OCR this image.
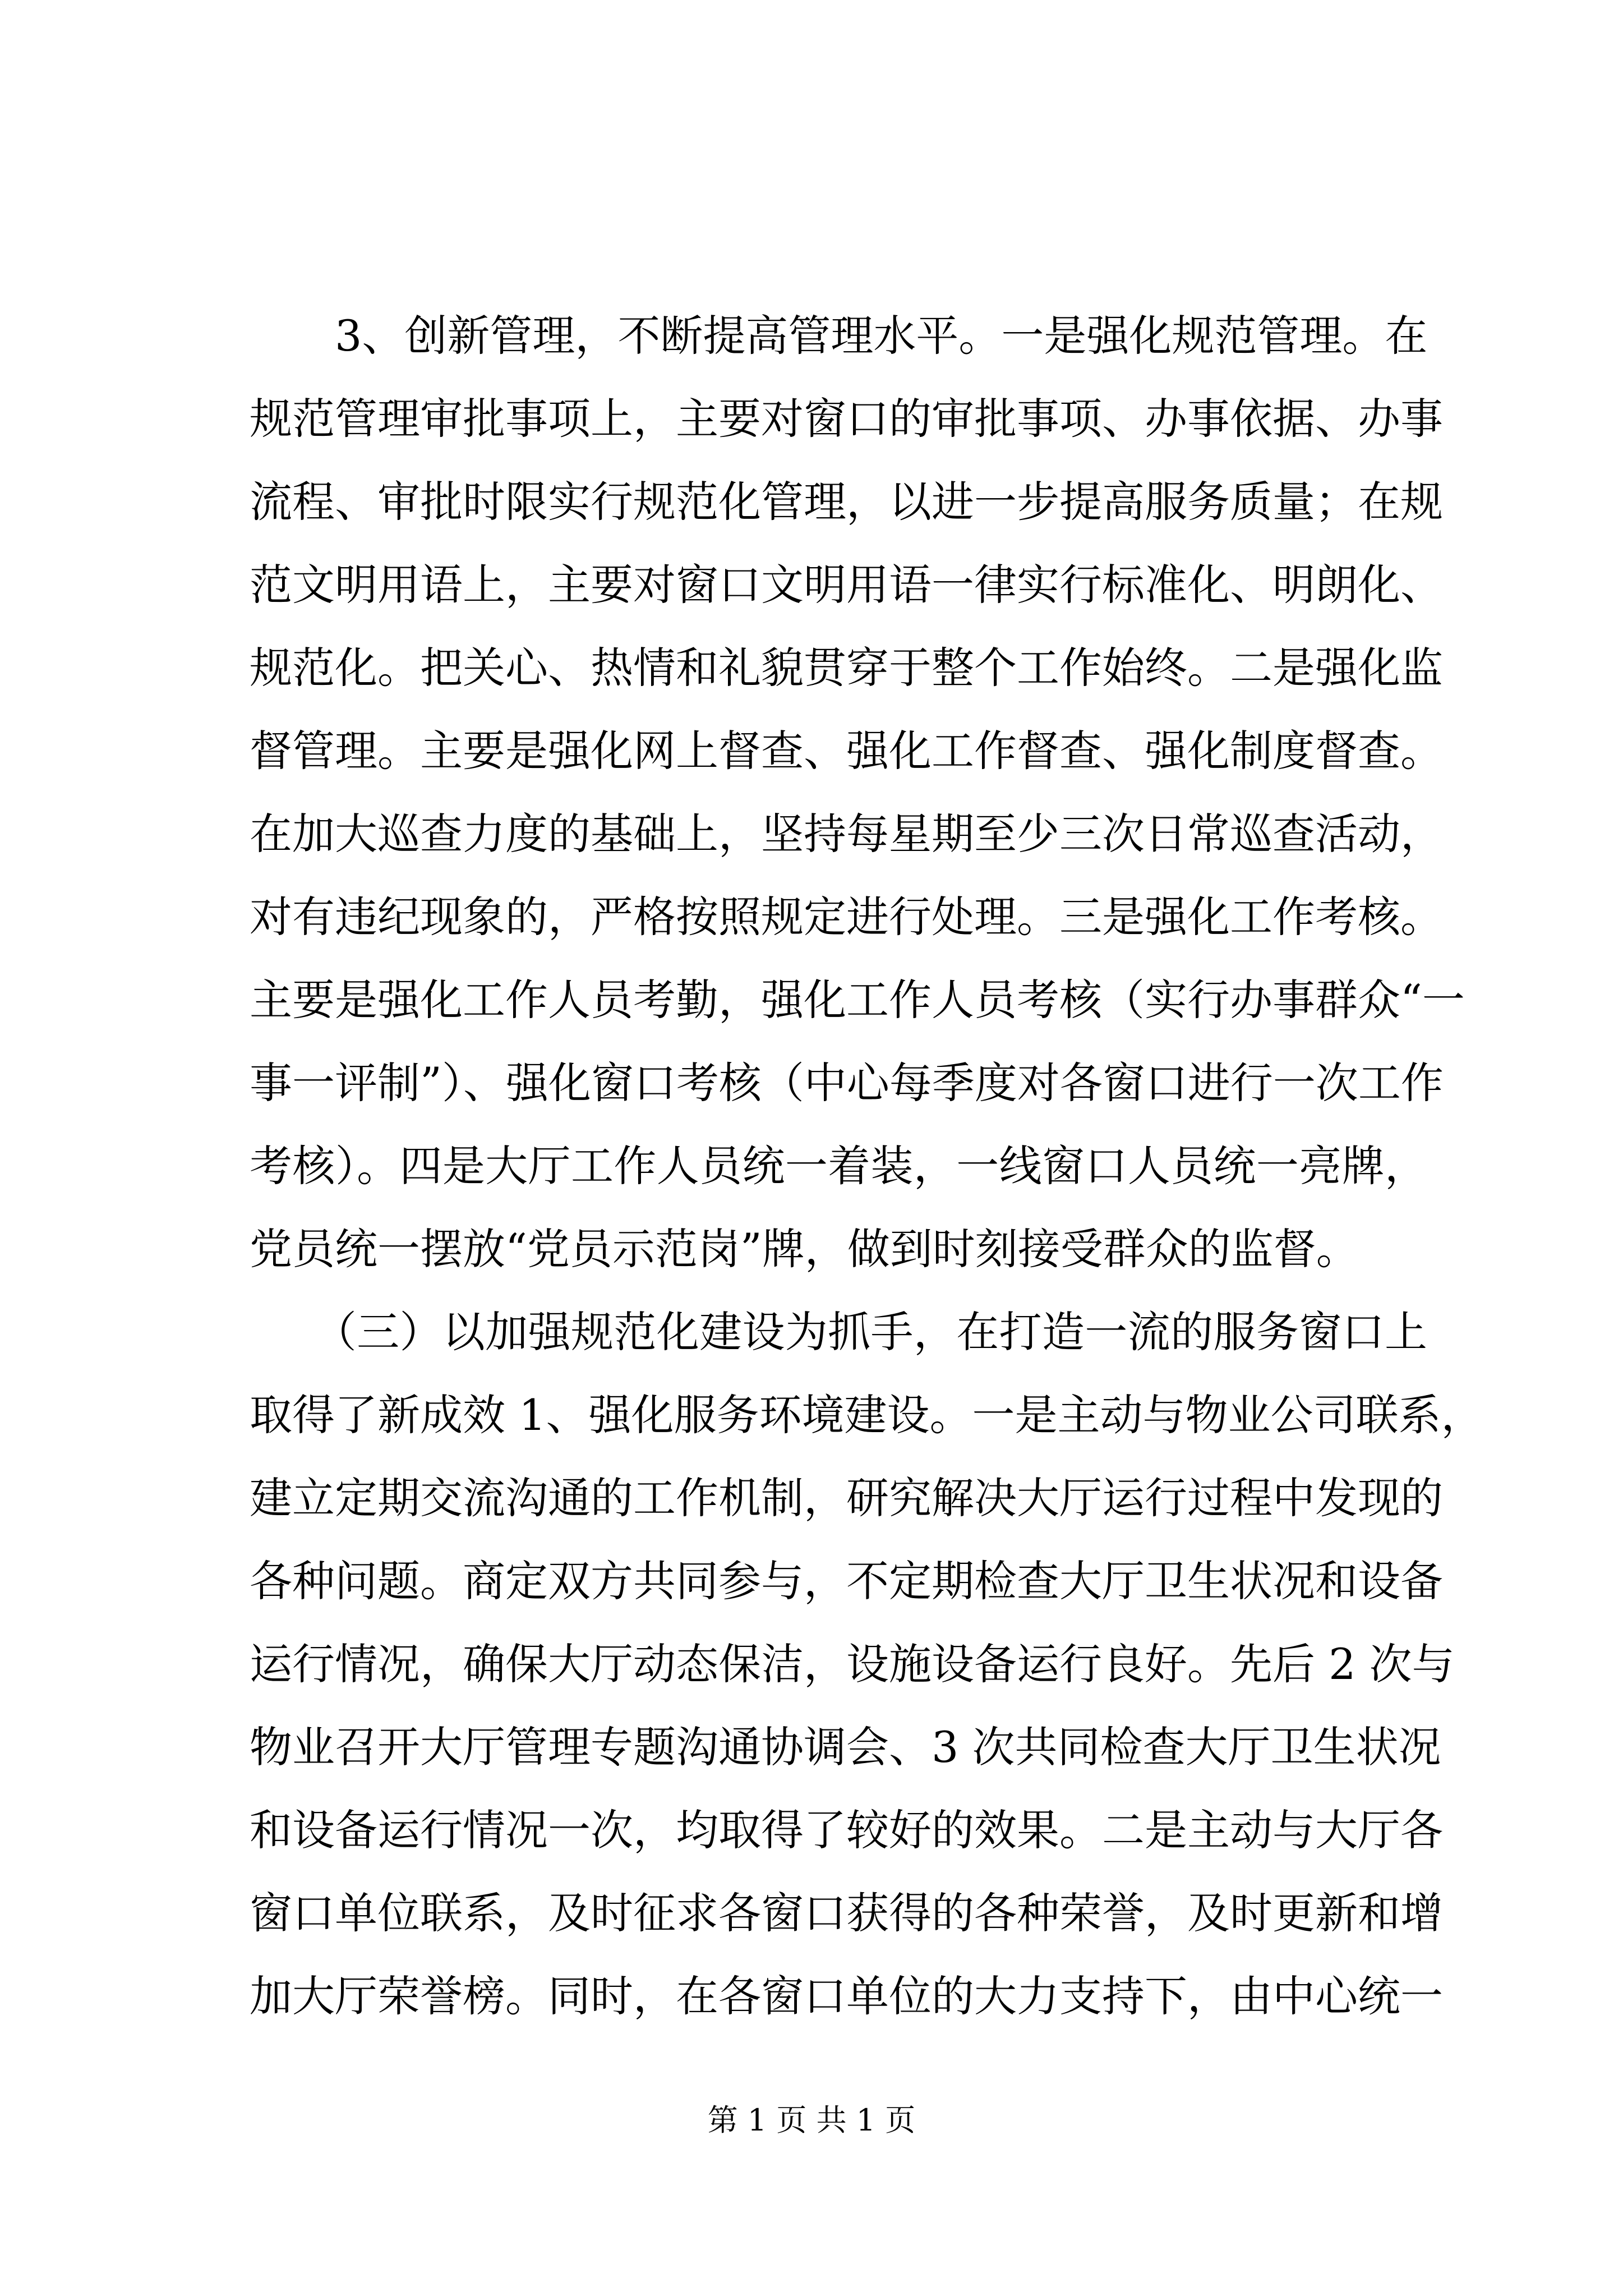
　　3、创新管理，不断提高管理水平。一是强化规范管理。在
规范管理审批事项上，主要对窗口的审批事项、办事依据、办事
流程、审批时限实行规范化管理，以进一步提高服务质量；在规
范文明用语上，主要对窗口文明用语一律实行标准化、明朗化、
规范化。把关心、热情和礼貌贯穿于整个工作始终。二是强化监
督管理。主要是强化网上督查、强化工作督查、强化制度督查。
在加大巡查力度的基础上，坚持每星期至少三次日常巡查活动，
对有违纪现象的，严格按照规定进行处理。三是强化工作考核。
主要是强化工作人员考勤，强化工作人员考核（实行办事群众“一
事一评制”）、强化窗口考核（中心每季度对各窗口进行一次工作
考核）。四是大厅工作人员统一着装，一线窗口人员统一亮牌，
党员统一摆放“党员示范岗”牌，做到时刻接受群众的监督。
　　（三）以加强规范化建设为抓手，在打造一流的服务窗口上
取得了新成效 1、强化服务环境建设。一是主动与物业公司联系，
建立定期交流沟通的工作机制，研究解决大厅运行过程中发现的
各种问题。商定双方共同参与，不定期检查大厅卫生状况和设备
运行情况，确保大厅动态保洁，设施设备运行良好。先后 2 次与
物业召开大厅管理专题沟通协调会、3 次共同检查大厅卫生状况
和设备运行情况一次，均取得了较好的效果。二是主动与大厅各
窗口单位联系，及时征求各窗口获得的各种荣誉，及时更新和增
加大厅荣誉榜。同时，在各窗口单位的大力支持下，由中心统一
第 1 页 共 1 页
